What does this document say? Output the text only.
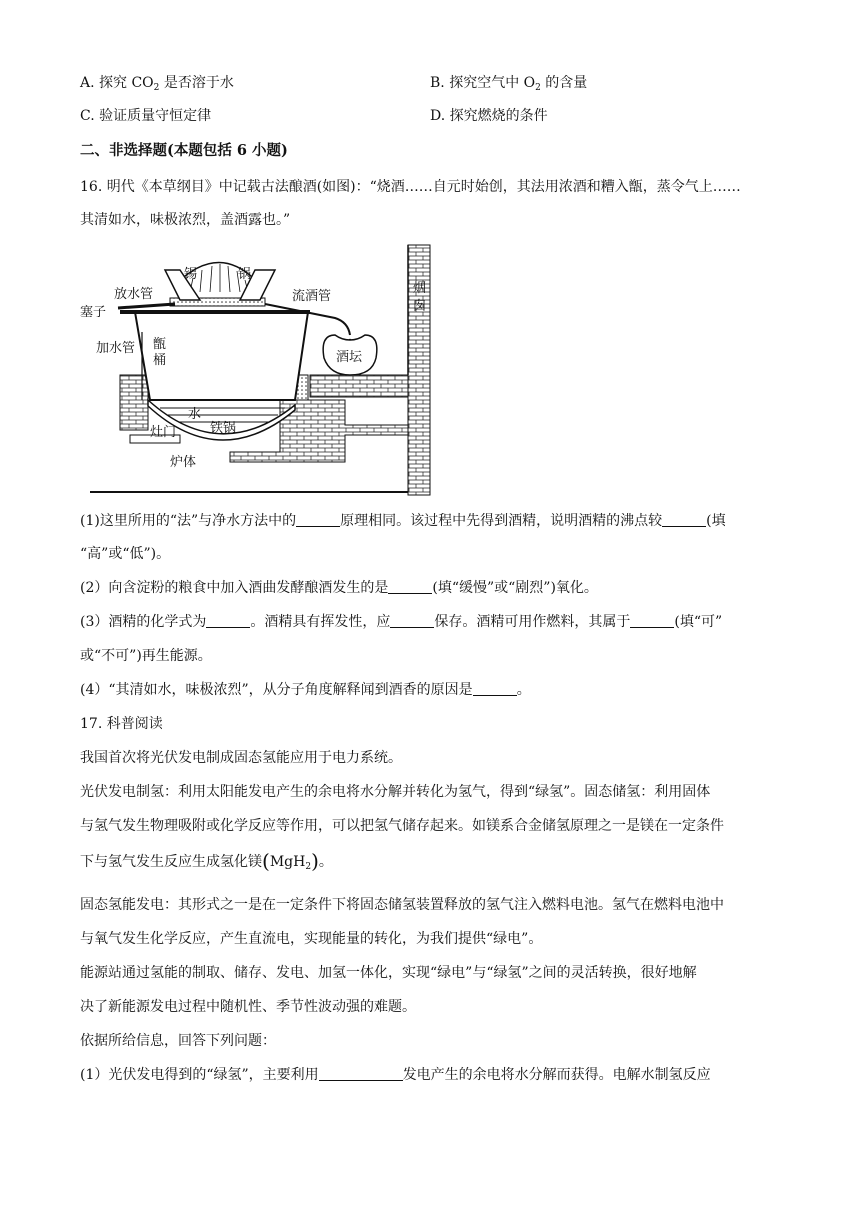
A. 探究 $CO_2$ 是否溶于水	B. 探究空气中 $O_2$ 的含量
C. 验证质量守恒定律	D. 探究燃烧的条件
二、非选择题(本题包括 6 小题)
16. 明代《本草纲目》中记载古法酿酒(如图)：“烧酒……自元时始创，其法用浓酒和糟入甑，蒸令气上……
其清如水，味极浓烈，盖酒露也。”
锡	锅
放水管	流酒管
塞子
加水管 甑
桶	酒坛
烟
囱
水
铁锅
灶门
炉体
(1)这里所用的“法”与净水方法中的	原理相同。该过程中先得到酒精，说明酒精的沸点较	(填
“高”或“低”)。
(2）向含淀粉的粮食中加入酒曲发酵酿酒发生的是	(填“缓慢”或“剧烈”)氧化。
(3）酒精的化学式为	。酒精具有挥发性，应	保存。酒精可用作燃料，其属于	(填“可”
或“不可”)再生能源。
(4）“其清如水，味极浓烈”，从分子角度解释闻到酒香的原因是	。
17. 科普阅读
我国首次将光伏发电制成固态氢能应用于电力系统。
光伏发电制氢：利用太阳能发电产生的余电将水分解并转化为氢气，得到“绿氢”。固态储氢：利用固体
与氢气发生物理吸附或化学反应等作用，可以把氢气储存起来。如镁系合金储氢原理之一是镁在一定条件
下与氢气发生反应生成氢化镁(MgH$_2$)。
固态氢能发电：其形式之一是在一定条件下将固态储氢装置释放的氢气注入燃料电池。氢气在燃料电池中
与氧气发生化学反应，产生直流电，实现能量的转化，为我们提供“绿电”。
能源站通过氢能的制取、储存、发电、加氢一体化，实现“绿电”与“绿氢”之间的灵活转换，很好地解
决了新能源发电过程中随机性、季节性波动强的难题。
依据所给信息，回答下列问题：
(1）光伏发电得到的“绿氢”，主要利用	发电产生的余电将水分解而获得。电解水制氢反应
